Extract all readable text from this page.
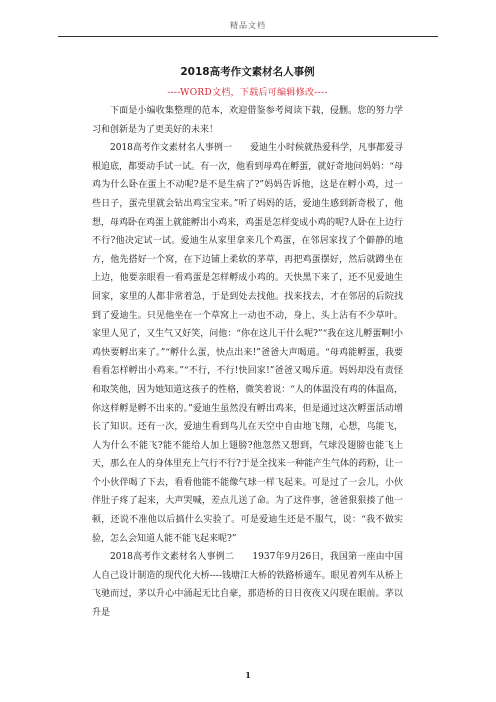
精品文档
2018高考作文素材名人事例
----WORD文档，下载后可编辑修改----

下面是小编收集整理的范本，欢迎借鉴参考阅读下载，侵删。您的努力学习和创新是为了更美好的未来！

2018高考作文素材名人事例一　　爱迪生小时候就热爱科学，凡事都爱寻根追底，都要动手试一试。有一次，他看到母鸡在孵蛋，就好奇地问妈妈：“母鸡为什么卧在蛋上不动呢?是不是生病了?”妈妈告诉他，这是在孵小鸡，过一些日子，蛋壳里就会钻出鸡宝宝来。”听了妈妈的话，爱迪生感到新奇极了，他想，母鸡卧在鸡蛋上就能孵出小鸡来，鸡蛋是怎样变成小鸡的呢?人卧在上边行不行?他决定试一试。爱迪生从家里拿来几个鸡蛋，在邻居家找了个僻静的地方，他先搭好一个窝，在下边铺上柔软的茅草，再把鸡蛋摆好，然后就蹲坐在上边，他要亲眼看一看鸡蛋是怎样孵成小鸡的。天快黑下来了，还不见爱迪生回家，家里的人都非常着急，于是到处去找他。找来找去，才在邻居的后院找到了爱迪生。只见他坐在一个草窝上一动也不动，身上、头上沾有不少草叶。家里人见了，又生气又好笑，问他：“你在这儿干什么呢?”“我在这儿孵蛋啊!小鸡快要孵出来了。”“孵什么蛋，快点出来!”爸爸大声喝道。“母鸡能孵蛋，我要看看怎样孵出小鸡来。”“不行，不行!快回家!”爸爸又喝斥道。妈妈却没有责怪和取笑他，因为她知道这孩子的性格，微笑着说：“人的体温没有鸡的体温高，你这样孵是孵不出来的。”爱迪生虽然没有孵出鸡来，但是通过这次孵蛋活动增长了知识。还有一次，爱迪生看到鸟儿在天空中自由地飞翔，心想，鸟能飞，人为什么不能飞?能不能给人加上翅膀?他忽然又想到，气球没翅膀也能飞上天，那么在人的身体里充上气行不行?于是全找来一种能产生气体的药粉，让一个小伙伴喝了下去，看看他能不能像气球一样飞起来。可是过了一会儿，小伙伴肚子疼了起来，大声哭喊，差点儿送了命。为了这件事，爸爸狠狠揍了他一顿，还说不准他以后搞什么实验了。可是爱迪生还是不服气，说：“我不做实验，怎么会知道人能不能飞起来呢?”

2018高考作文素材名人事例二　　1937年9月26日，我国第一座由中国人自己设计制造的现代化大桥----钱塘江大桥的铁路桥通车。眼见着列车从桥上飞驰而过，茅以升心中涌起无比自豪，那造桥的日日夜夜又闪现在眼前。茅以升是

1
